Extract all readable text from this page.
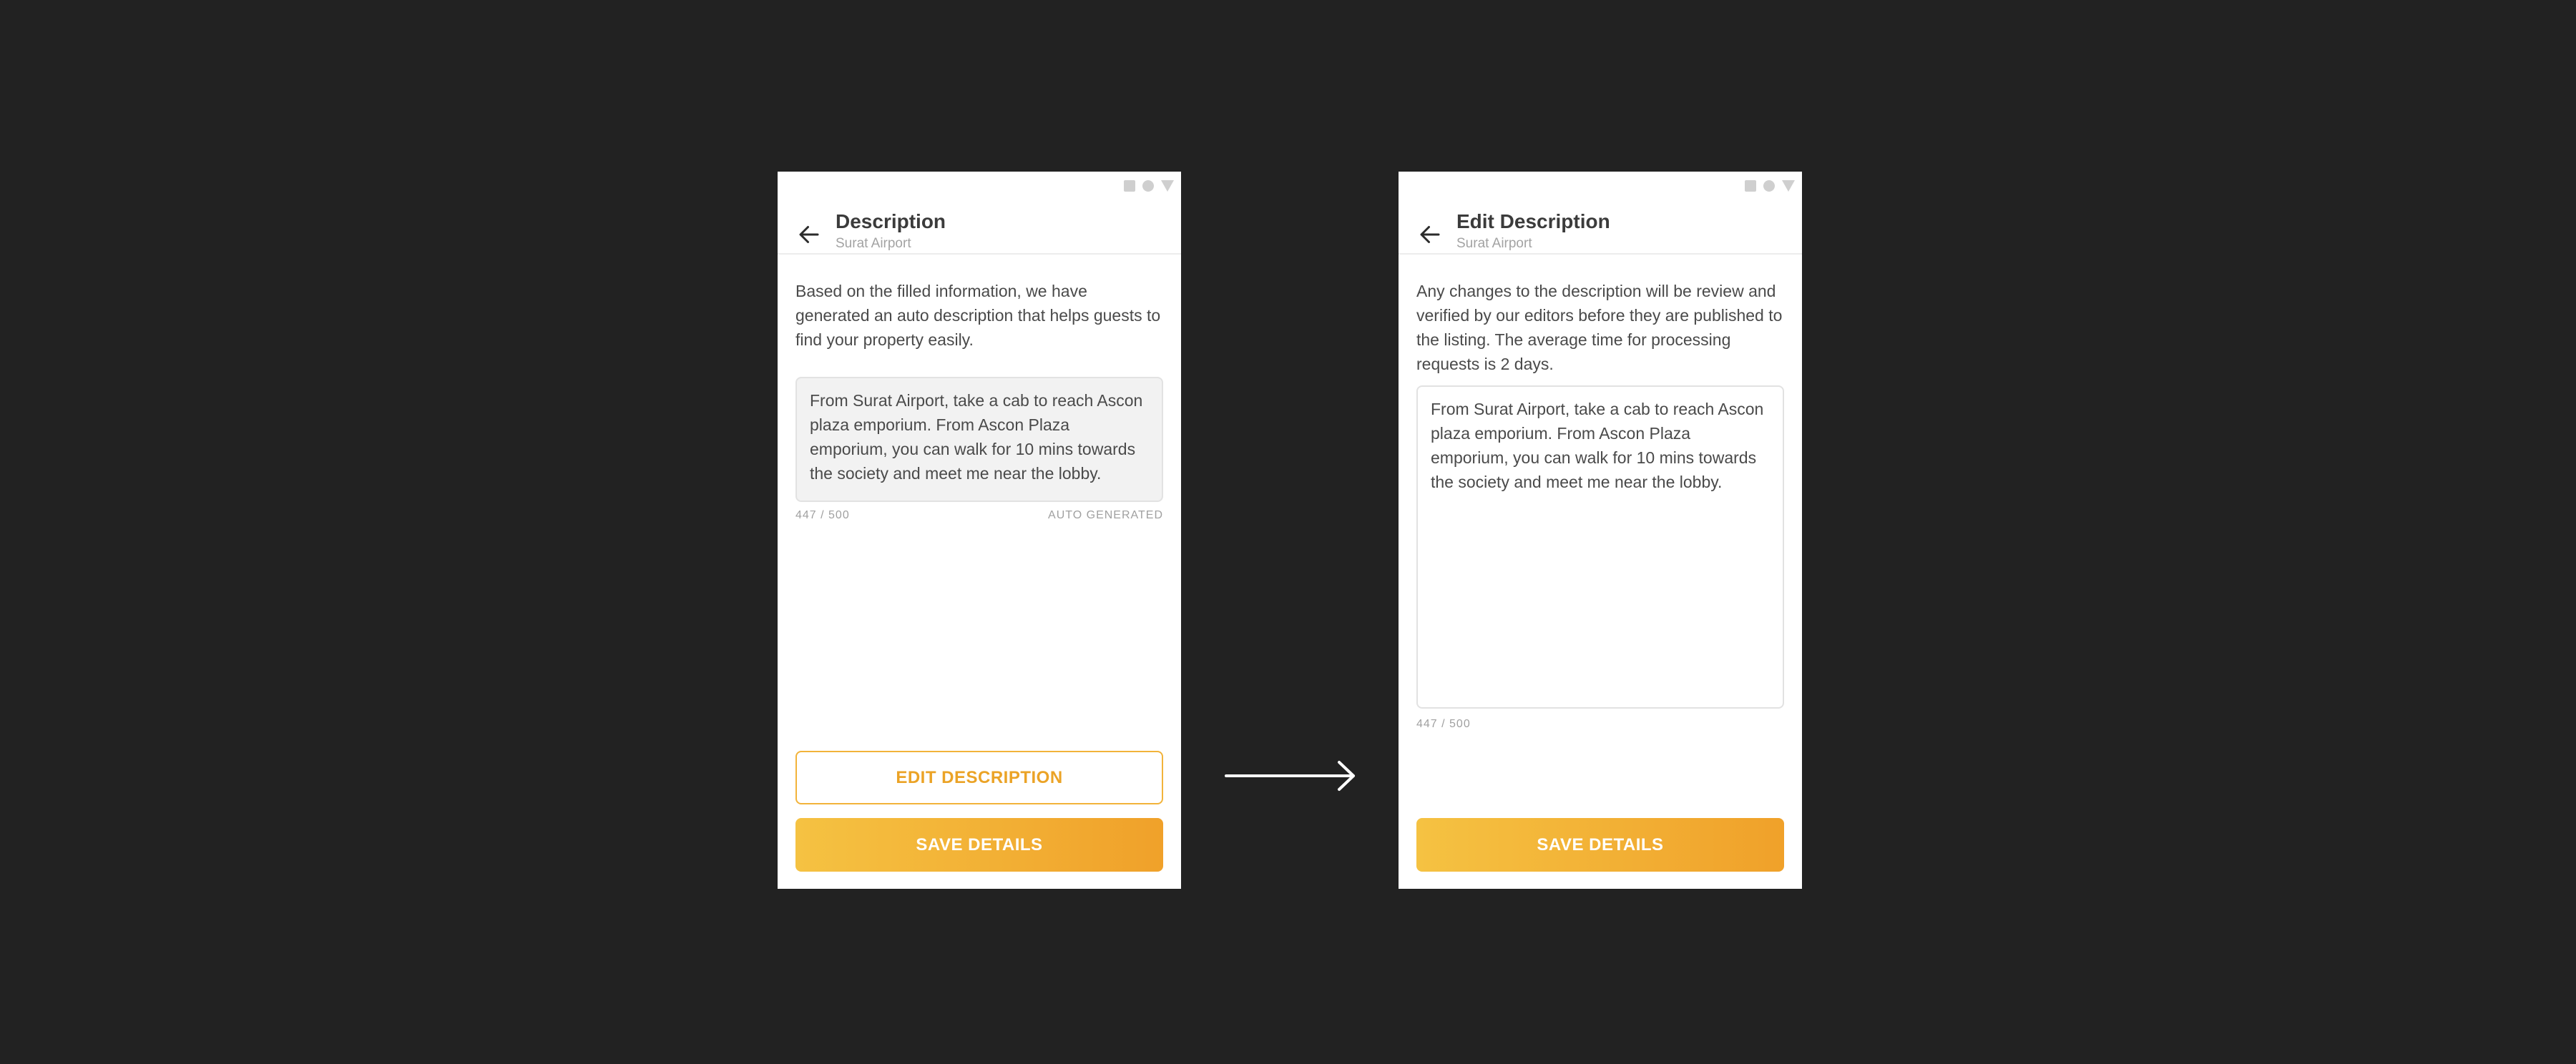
Description
Surat Airport
Based on the filled information, we have generated an auto description that helps guests to find your property easily.
From Surat Airport, take a cab to reach Ascon plaza emporium. From Ascon Plaza emporium, you can walk for 10 mins towards the society and meet me near the lobby.
447 / 500	AUTO GENERATED
EDIT DESCRIPTION
SAVE DETAILS
Edit Description
Surat Airport
Any changes to the description will be review and verified by our editors before they are published to the listing. The average time for processing requests is 2 days.
From Surat Airport, take a cab to reach Ascon plaza emporium. From Ascon Plaza emporium, you can walk for 10 mins towards the society and meet me near the lobby.
447 / 500
SAVE DETAILS
